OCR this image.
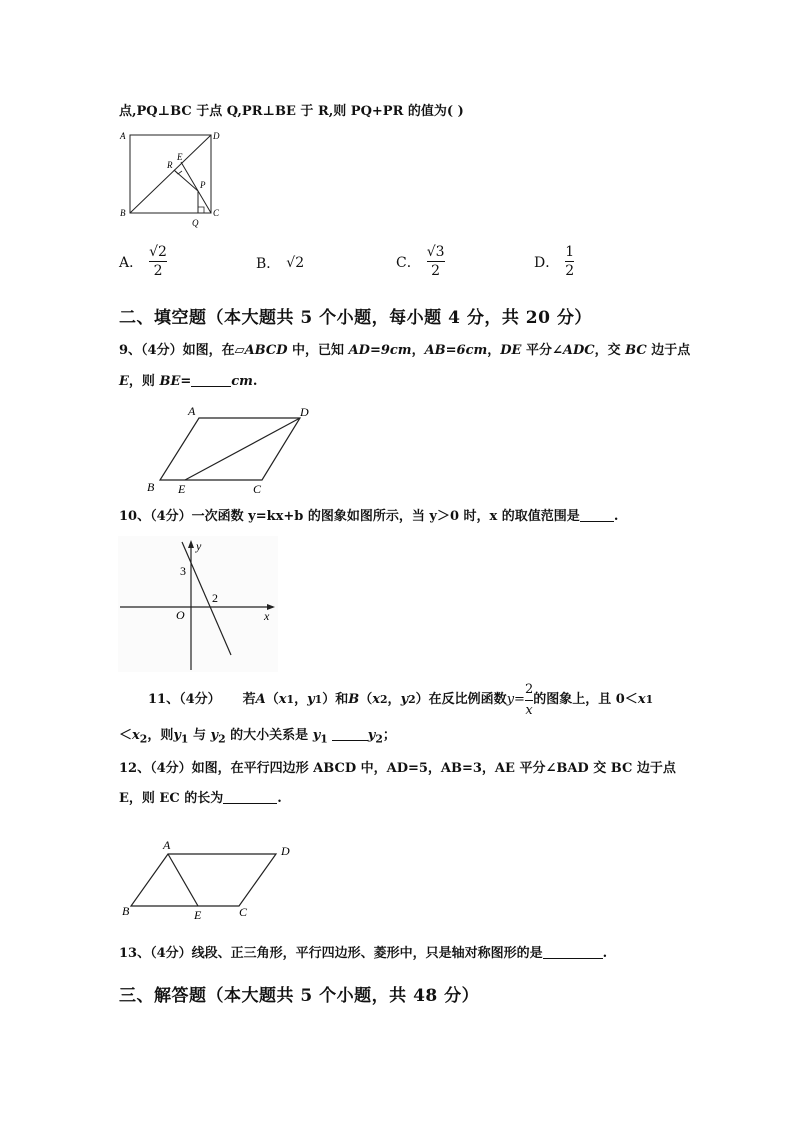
点,PQ⊥BC 于点 Q,PR⊥BE 于 R,则 PQ+PR 的值为( )
A	D
B	C
E
R
P
Q
A． $\frac{√2}{2}$	B． √2	C． $\frac{√3}{2}$	D． $\frac{1}{2}$
二、填空题（本大题共 5 个小题，每小题 4 分，共 20 分）
9、（4分）如图，在▱ABCD 中，已知 AD=9cm，AB=6cm，DE 平分∠ADC，交 BC 边于点
E，则 BE=	cm.
A	D
B E	C
10、（4分）一次函数 y=kx+b 的图象如图所示，当 y＞0 时，x 的取值范围是	.
y
x
O
3
2
11、（4分） 若 A （ x 1 ， y 1 ）和 B （ x 2 ， y 2 ）在反比例函数 $y = \frac{2}{x}$ 的图象上，且 0＜ x 1
$<x_2$，则$y_1$ 与 $y_2$ 的大小关系是 $y_1$	$y_2$；
12、（4分）如图，在平行四边形 ABCD 中，AD=5，AB=3，AE 平分∠BAD 交 BC 边于点
E，则 EC 的长为	.
A	D
B	E	C
13、（4分）线段、正三角形，平行四边形、菱形中，只是轴对称图形的是	.
三、解答题（本大题共 5 个小题，共 48 分）
